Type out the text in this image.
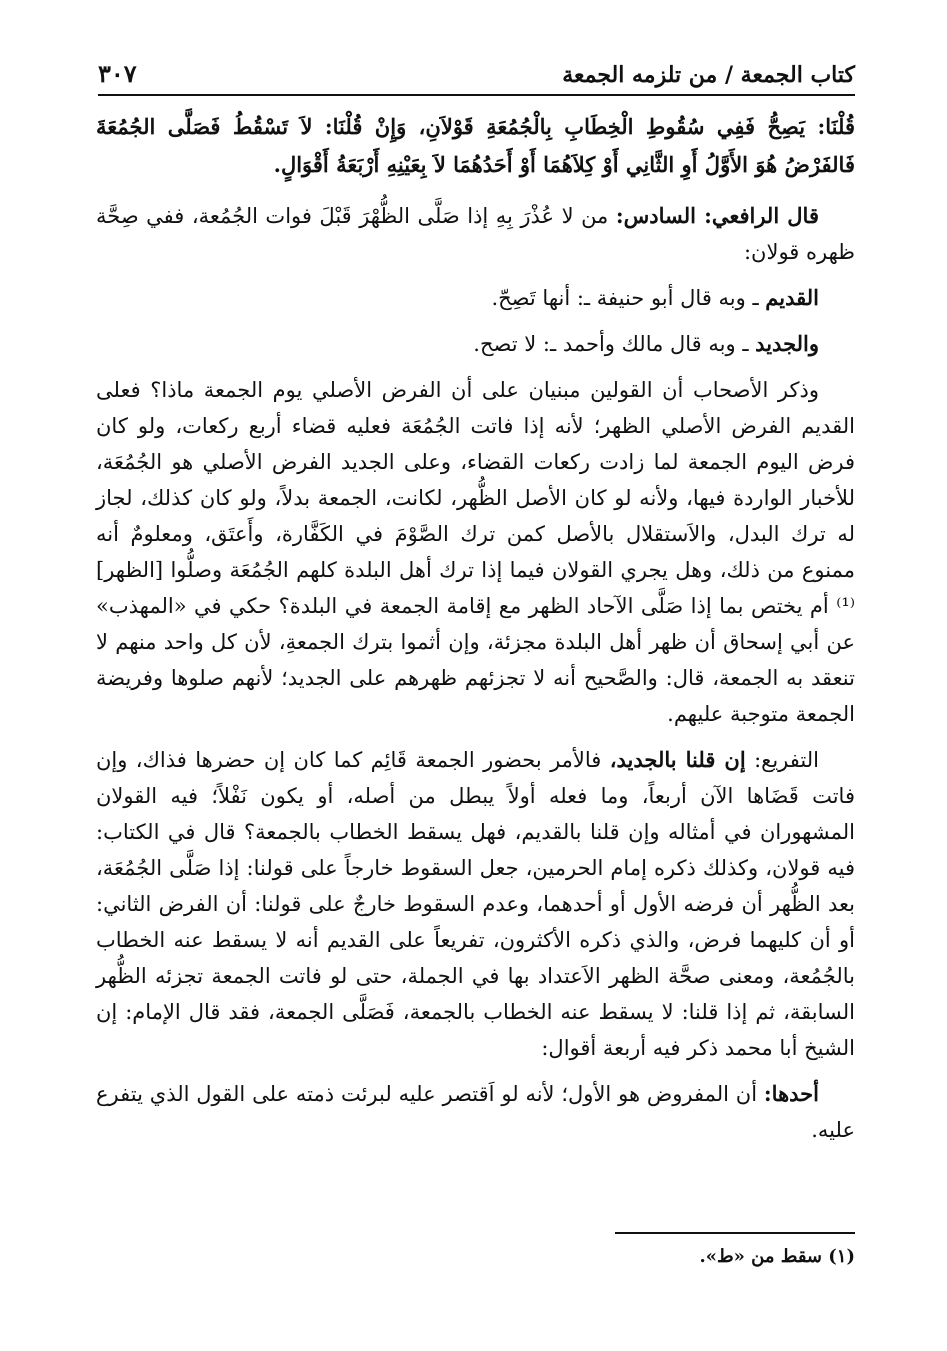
كتاب الجمعة / من تلزمه الجمعة
٣٠٧

قُلْنَا: يَصِحُّ فَفِي سُقُوطِ الْخِطَابِ بِالْجُمُعَةِ قَوْلاَنِ، وَإِنْ قُلْنَا: لاَ تَسْقُطُ فَصَلَّى الجُمُعَةَ فَالفَرْضُ هُوَ الأَوَّلُ أَوِ الثَّانِي أَوْ كِلاَهُمَا أَوْ أَحَدُهُمَا لاَ بِعَيْنِهِ أَرْبَعَةُ أَقْوَالٍ.

قال الرافعي: السادس: من لا عُذْرَ بِهِ إذا صَلَّى الظُّهْرَ قَبْلَ فوات الجُمُعة، ففي صِحَّة ظهره قولان:

القديم ـ وبه قال أبو حنيفة ـ: أنها تَصِحّ.

والجديد ـ وبه قال مالك وأحمد ـ: لا تصح.

وذكر الأصحاب أن القولين مبنيان على أن الفرض الأصلي يوم الجمعة ماذا؟ فعلى القديم الفرض الأصلي الظهر؛ لأنه إذا فاتت الجُمُعَة فعليه قضاء أربع ركعات، ولو كان فرض اليوم الجمعة لما زادت ركعات القضاء، وعلى الجديد الفرض الأصلي هو الجُمُعَة، للأخبار الواردة فيها، ولأنه لو كان الأصل الظُّهر، لكانت، الجمعة بدلاً، ولو كان كذلك، لجاز له ترك البدل، والاَستقلال بالأصل كمن ترك الصَّوْمَ في الكَفَّارة، وأَعتَق، ومعلومٌ أنه ممنوع من ذلك، وهل يجري القولان فيما إذا ترك أهل البلدة كلهم الجُمُعَة وصلُّوا [الظهر]⁽¹⁾ أم يختص بما إذا صَلَّى الآحاد الظهر مع إقامة الجمعة في البلدة؟ حكي في «المهذب» عن أبي إسحاق أن ظهر أهل البلدة مجزئة، وإن أثموا بترك الجمعةِ، لأن كل واحد منهم لا تنعقد به الجمعة، قال: والصَّحيح أنه لا تجزئهم ظهرهم على الجديد؛ لأنهم صلوها وفريضة الجمعة متوجبة عليهم.

التفريع: إن قلنا بالجديد، فالأمر بحضور الجمعة قَائِم كما كان إن حضرها فذاك، وإن فاتت قَضَاها الآن أربعاً، وما فعله أولاً يبطل من أصله، أو يكون نَفْلاً؛ فيه القولان المشهوران في أمثاله وإن قلنا بالقديم، فهل يسقط الخطاب بالجمعة؟ قال في الكتاب: فيه قولان، وكذلك ذكره إمام الحرمين، جعل السقوط خارجاً على قولنا: إذا صَلَّى الجُمُعَة، بعد الظُّهر أن فرضه الأول أو أحدهما، وعدم السقوط خارجٌ على قولنا: أن الفرض الثاني: أو أن كليهما فرض، والذي ذكره الأكثرون، تفريعاً على القديم أنه لا يسقط عنه الخطاب بالجُمُعة، ومعنى صحَّة الظهر الاَعتداد بها في الجملة، حتى لو فاتت الجمعة تجزئه الظُّهر السابقة، ثم إذا قلنا: لا يسقط عنه الخطاب بالجمعة، فَصَلَّى الجمعة، فقد قال الإمام: إن الشيخ أبا محمد ذكر فيه أربعة أقوال:

أحدها: أن المفروض هو الأول؛ لأنه لو اَقتصر عليه لبرئت ذمته على القول الذي يتفرع عليه.

(١) سقط من «ط».
